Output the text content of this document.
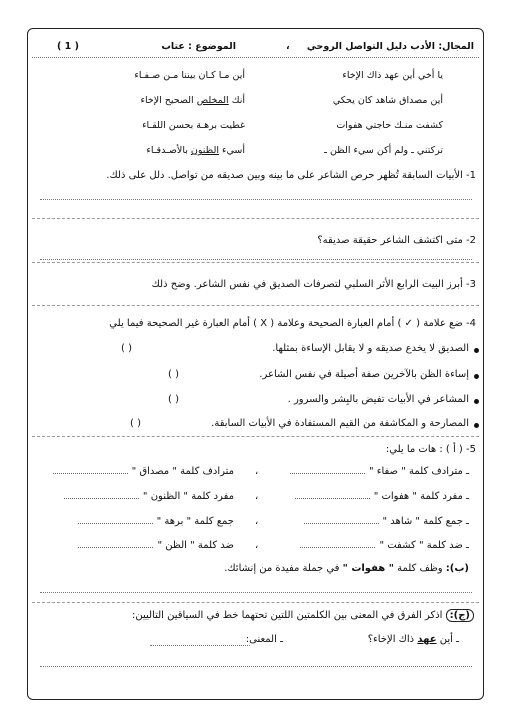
المجال: الأدب دليل التواصل الروحي
،
الموضوع : عتاب
( 1 )
يا أخي أين عهد ذاك الإخاء
أين مـا كـان بيننا مـن صـفـاء
أين مصداق شاهد كان يحكي
أنك المخلص الصحيح الإخاء
كشفت منـك حاجتي هفوات
غطيت برهـة بحسن اللقـاء
تركتني ـ ولم أكن سيء الظن ـ
أسيء الظنون بالأصـدقـاء
1- الأبيات السابقة تُظهر حرص الشاعر على ما بينه وبين صديقه من تواصل. دلل على ذلك.
2- متى اكتشف الشاعر حقيقة صديقه؟
3- أبرز البيت الرابع الأثر السلبي لتصرفات الصديق في نفس الشاعر. وضح ذلك
4- ضع علامة ( ✓ ) أمام العبارة الصحيحة وعلامة ( X ) أمام العبارة غير الصحيحة فيما يلي
الصديق لا يخدع صديقه و لا يقابل الإساءة بمثلها.
( )
إساءة الظن بالآخرين صفة أصيلة في نفس الشاعر.
( )
المشاعر في الأبيات تفيض بالبِشر والسرور .
( )
المصارحة و المكاشفة من القيم المستفادة في الأبيات السابقة.
( )
5- ( أ ) : هات ما يلي:
ـ مترادف كلمة " صفاء "
،
مترادف كلمة " مصداق "
ـ مفرد كلمة " هفوات "
،
مفرد كلمة " الظنون "
ـ جمع كلمة " شاهد "
،
جمع كلمة " برهة "
ـ ضد كلمة " كشفت "
،
ضد كلمة " الظن "
(ب): وظف كلمة " هفوات " في جملة مفيدة من إنشائك.
(ج): اذكر الفرق في المعنى بين الكلمتين اللتين تحتهما خط في السياقين التاليين:
ـ أين عهد ذاك الإخاء؟
ـ المعنى:
